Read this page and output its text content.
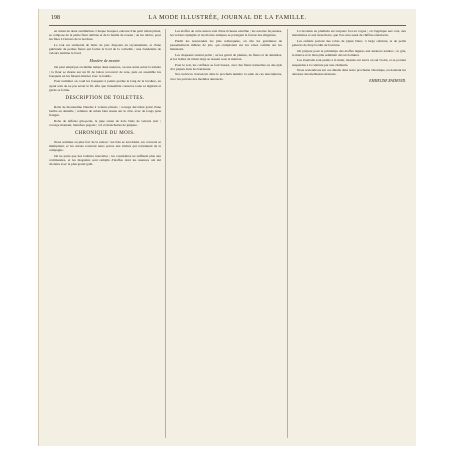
198	LA MODE ILLUSTRÉE, JOURNAL DE LA FAMILLE.

en ruban de deux centimètres. Chaque bouquet, entouré d'un petit ruban plissé, se compose de la petite fleur ombrée et de la feuille de roseau ; on les relève, pour les fixer à l'envers de la bordure.

Le tout est surmonté de brins de jonc disposés en rayonnement, et d'une guirlande de petites fleurs qui forme le bord de la corbeille ; une bandelette de velours termine le fond.

Manière de monter.

On peut employer en même temps deux nuances, ou une seule selon la toilette ; la fleur se monte sur un fil de laiton recouvert de soie, puis on assemble les bouquets en les faisant alterner avec la feuille.

Pour terminer on coud les bouquets à points perdus le long de la bordure, en ayant soin de ne pas serrer le fil, afin que l'ensemble conserve toute sa légèreté et garde sa forme.

DESCRIPTION DE TOILETTES.

Robe de mousseline blanche à volants plissés ; corsage décolleté garni d'une berthe en dentelle ; ceinture de ruban bleu nouée sur le côté, avec de longs pans frangés.

Robe de taffetas gris-perle, la jupe ornée de trois biais de velours noir ; corsage montant, manches pagode ; col et manchettes de guipure.

CHRONIQUE DU MOIS.

Nous sommes au plus fort de la saison : les bals se succèdent, les concerts se multiplient, et les salons rouvrent leurs portes aux invités qui reviennent de la campagne.

On ne parle que des toilettes nouvelles ; les couturières ne suffisent plus aux commandes, et les magasins sont remplis d'étoffes dont les nuances ont été choisies avec le plus grand goût.

Les étoffes de cette saison sont d'une richesse extrême ; les soieries façonnées, les velours épinglés et les moires antiques se partagent la faveur des élégantes.

Parmi les nouveautés les plus remarquées, on cite les garnitures de passementerie mêlées de jais, qui s'emploient sur les robes comme sur les manteaux.

Les chapeaux restent petits ; on les garnit de plumes, de fleurs et de dentelles, et les brides de ruban large se nouent sous le menton.

Pour le soir, les coiffures se font basses, avec des fleurs naturelles ou des épis d'or piqués dans les bandeaux.

Nos lectrices trouveront dans le prochain numéro la suite de ces descriptions, avec les patrons des modèles annoncés.

La broderie au plumetis est toujours fort en vogue ; on l'applique aux cols, aux manchettes et aux mouchoirs, que l'on orne aussi de chiffres entrelacés.

Les enfants portent des robes de piqué blanc, à large ceinture, et de petits paletots de drap bordés de fourrure.

On prépare pour le printemps des étoffes légères aux nuances tendres ; le gris, le mauve et le bleu pâle semblent devoir dominer.

Les éventails sont peints à la main, montés sur nacre ou sur ivoire, et se portent suspendus à la ceinture par une chaînette.

Nous reviendrons sur ces détails dans notre prochaine chronique, en donnant les adresses des meilleures maisons.

EMMELINE RAYMOND.
